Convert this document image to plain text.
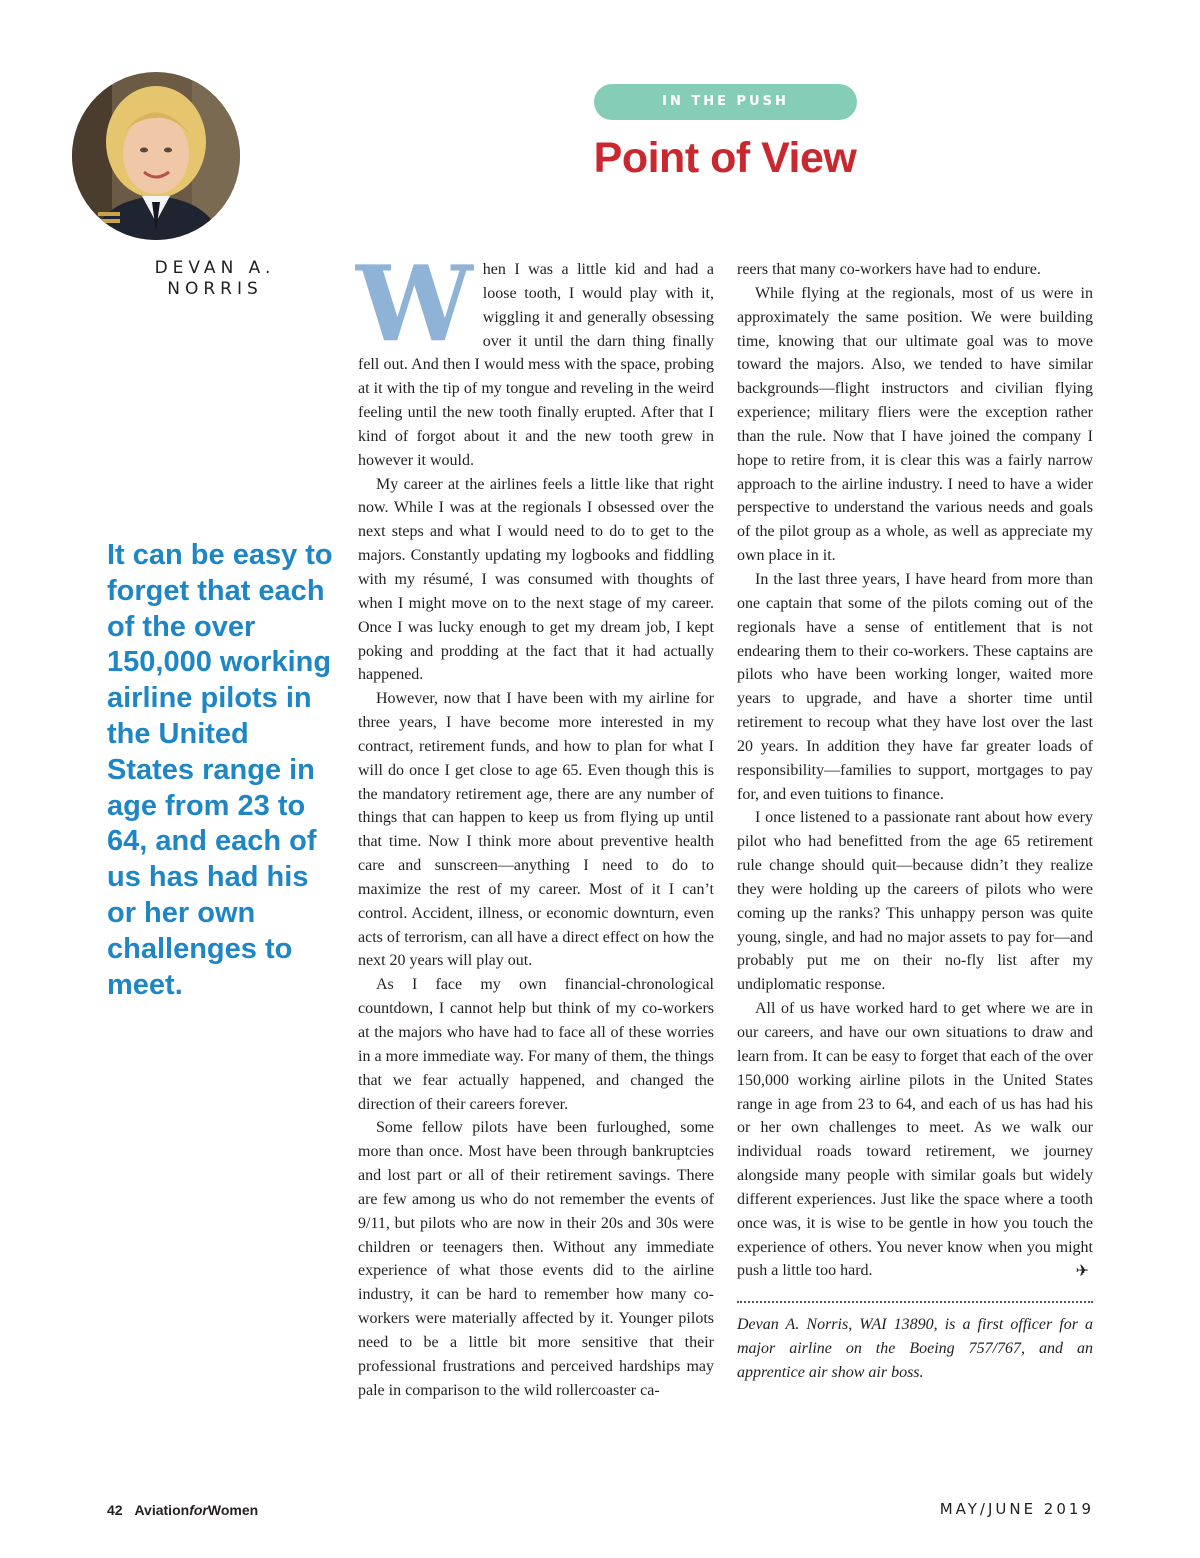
DEVAN A. NORRIS
IN THE PUSH
Point of View
It can be easy to forget that each of the over 150,000 working airline pilots in the United States range in age from 23 to 64, and each of us has had his or her own challenges to meet.

When I was a little kid and had a loose tooth, I would play with it, wiggling it and generally obsessing over it until the darn thing finally fell out. And then I would mess with the space, probing at it with the tip of my tongue and reveling in the weird feeling until the new tooth finally erupted. After that I kind of forgot about it and the new tooth grew in however it would.

My career at the airlines feels a little like that right now. While I was at the regionals I obsessed over the next steps and what I would need to do to get to the majors. Constantly updating my logbooks and fiddling with my résumé, I was consumed with thoughts of when I might move on to the next stage of my career. Once I was lucky enough to get my dream job, I kept poking and prodding at the fact that it had actually happened.

However, now that I have been with my airline for three years, I have become more interested in my contract, retirement funds, and how to plan for what I will do once I get close to age 65. Even though this is the mandatory retirement age, there are any number of things that can happen to keep us from flying up until that time. Now I think more about preventive health care and sunscreen—anything I need to do to maximize the rest of my career. Most of it I can’t control. Accident, illness, or economic downturn, even acts of terrorism, can all have a direct effect on how the next 20 years will play out.

As I face my own financial-chronological countdown, I cannot help but think of my co-workers at the majors who have had to face all of these worries in a more immediate way. For many of them, the things that we fear actually happened, and changed the direction of their careers forever.

Some fellow pilots have been furloughed, some more than once. Most have been through bankruptcies and lost part or all of their retirement savings. There are few among us who do not remember the events of 9/11, but pilots who are now in their 20s and 30s were children or teenagers then. Without any immediate experience of what those events did to the airline industry, it can be hard to remember how many co-workers were materially affected by it. Younger pilots need to be a little bit more sensitive that their professional frustrations and perceived hardships may pale in comparison to the wild rollercoaster ca-

reers that many co-workers have had to endure.

While flying at the regionals, most of us were in approximately the same position. We were building time, knowing that our ultimate goal was to move toward the majors. Also, we tended to have similar backgrounds—flight instructors and civilian flying experience; military fliers were the exception rather than the rule. Now that I have joined the company I hope to retire from, it is clear this was a fairly narrow approach to the airline industry. I need to have a wider perspective to understand the various needs and goals of the pilot group as a whole, as well as appreciate my own place in it.

In the last three years, I have heard from more than one captain that some of the pilots coming out of the regionals have a sense of entitlement that is not endearing them to their co-workers. These captains are pilots who have been working longer, waited more years to upgrade, and have a shorter time until retirement to recoup what they have lost over the last 20 years. In addition they have far greater loads of responsibility—families to support, mortgages to pay for, and even tuitions to finance.

I once listened to a passionate rant about how every pilot who had benefitted from the age 65 retirement rule change should quit—because didn’t they realize they were holding up the careers of pilots who were coming up the ranks? This unhappy person was quite young, single, and had no major assets to pay for—and probably put me on their no-fly list after my undiplomatic response.

All of us have worked hard to get where we are in our careers, and have our own situations to draw and learn from. It can be easy to forget that each of the over 150,000 working airline pilots in the United States range in age from 23 to 64, and each of us has had his or her own challenges to meet. As we walk our individual roads toward retirement, we journey alongside many people with similar goals but widely different experiences. Just like the space where a tooth once was, it is wise to be gentle in how you touch the experience of others. You never know when you might push a little too hard.	✈

Devan A. Norris, WAI 13890, is a first officer for a major airline on the Boeing 757/767, and an apprentice air show air boss.

42 AviationforWomen	MAY/JUNE 2019
